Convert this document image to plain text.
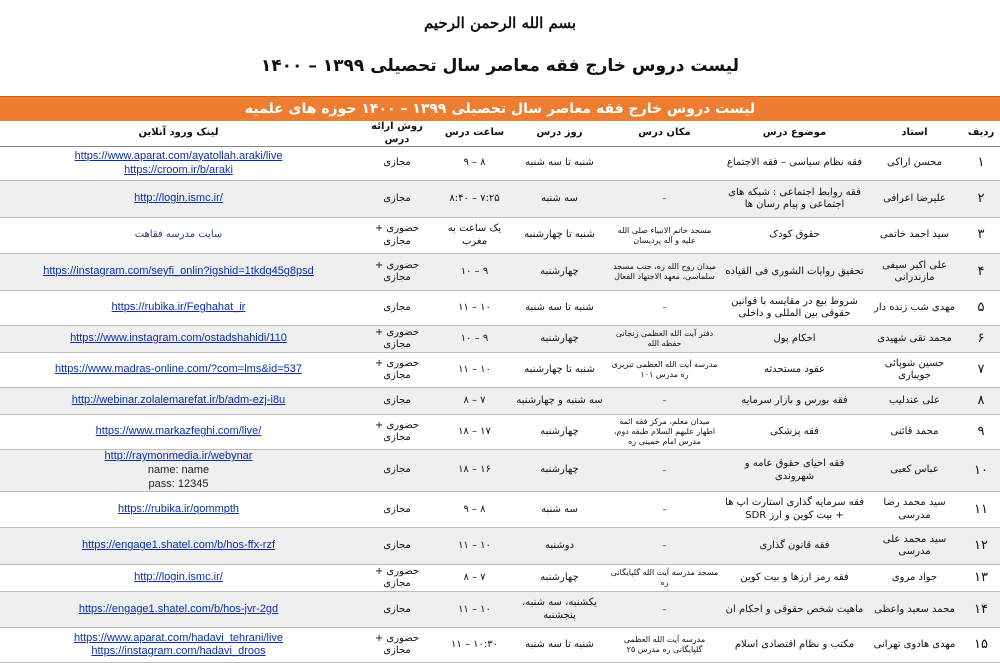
بسم الله الرحمن الرحیم
لیست دروس خارج فقه معاصر سال تحصیلی ۱۳۹۹ – ۱۴۰۰
لیست دروس خارج فقه معاصر سال تحصیلی ۱۳۹۹ – ۱۴۰۰ حوزه های علمیه
ردیف	استاد	موضوع درس	مکان درس	روز درس	ساعت درس	روش ارائه درس	لینک ورود آنلاین
۱	محسن اراکی	فقه نظام سیاسی – فقه الاجتماع		شنبه تا سه شنبه	۸ – ۹	مجازی	https://www.aparat.com/ayatollah.araki/live
https://croom.ir/b/araki

۲	علیرضا اعرافی	فقه روابط اجتماعی : شبکه های اجتماعی و پیام رسان ها	–	سه شنبه	۷:۲۵ – ۸:۴۰	مجازی	http://login.ismc.ir/

۳	سید احمد خاتمی	حقوق کودک	مسجد خاتم الانبیاء صلی الله علیه و آله پردیسان	شنبه تا چهارشنبه	یک ساعت به مغرب	حضوری + مجازی	سایت مدرسه فقاهت

۴	علی اکبر سیفی مازندرانی	تحقیق روایات الشوری فی القیاده	میدان روح الله ره، جنب مسجد سلماسی، معهد الاجتهاد الفعال	چهارشنبه	۹ – ۱۰	حضوری + مجازی	https://instagram.com/seyfi_onlin?igshid=1tkdg45g8psd

۵	مهدی شب زنده دار	شروط بیع در مقایسه با قوانین حقوقی بین المللی و داخلی	–	شنبه تا سه شنبه	۱۰ – ۱۱	مجازی	https://rubika.ir/Feghahat_ir

۶	محمد تقی شهیدی	احکام پول	دفتر آیت الله العظمی زنجانی حفظه الله	چهارشنبه	۹ – ۱۰	حضوری + مجازی	https://www.instagram.com/ostadshahidi/110

۷	حسین شوپائی جویباری	عقود مستحدثه	مدرسه آیت الله العظمی تبریزی ره مدرس ۱۰۱	شنبه تا چهارشنبه	۱۰ – ۱۱	حضوری + مجازی	https://www.madras-online.com/?com=lms&id=537

۸	علی عندلیب	فقه بورس و بازار سرمایه	–	سه شنبه و چهارشنبه	۷ – ۸	مجازی	http://webinar.zolalemarefat.ir/b/adm-ezj-i8u

۹	محمد قائنی	فقه پزشکی	میدان معلم، مرکز فقه ائمه اطهار علیهم السلام طبقه دوم، مدرس امام خمینی ره	چهارشنبه	۱۷ – ۱۸	حضوری + مجازی	https://www.markazfeghi.com/live/

۱۰	عباس کعبی	فقه احیای حقوق عامه و شهروندی	–	چهارشنبه	۱۶ – ۱۸	مجازی	http://raymonmedia.ir/webynar
name: name
pass: 12345

۱۱	سید محمد رضا مدرسی	فقه سرمایه گذاری استارت اپ ها + بیت کوین و ارز SDR	–	سه شنبه	۸ – ۹	مجازی	https://rubika.ir/qommpth

۱۲	سید محمد علی مدرسی	فقه قانون گذاری	–	دوشنبه	۱۰ – ۱۱	مجازی	https://engage1.shatel.com/b/hos-ffx-rzf

۱۳	جواد مروی	فقه رمز ارزها و بیت کوین	مسجد مدرسه آیت الله گلپایگانی ره	چهارشنبه	۷ – ۸	حضوری + مجازی	http://login.ismc.ir/

۱۴	محمد سعید واعظی	ماهیت شخص حقوقی و احکام ان	–	یکشنبه، سه شنبه، پنجشنبه	۱۰ – ۱۱	مجازی	https://engage1.shatel.com/b/hos-jvr-2gd

۱۵	مهدی هادوی تهرانی	مکتب و نظام اقتصادی اسلام	مدرسه آیت الله العظمی گلپایگانی ره مدرس ۲۵	شنبه تا سه شنبه	۱۰:۳۰ – ۱۱	حضوری + مجازی	https://www.aparat.com/hadavi_tehrani/live
https://instagram.com/hadavi_droos
